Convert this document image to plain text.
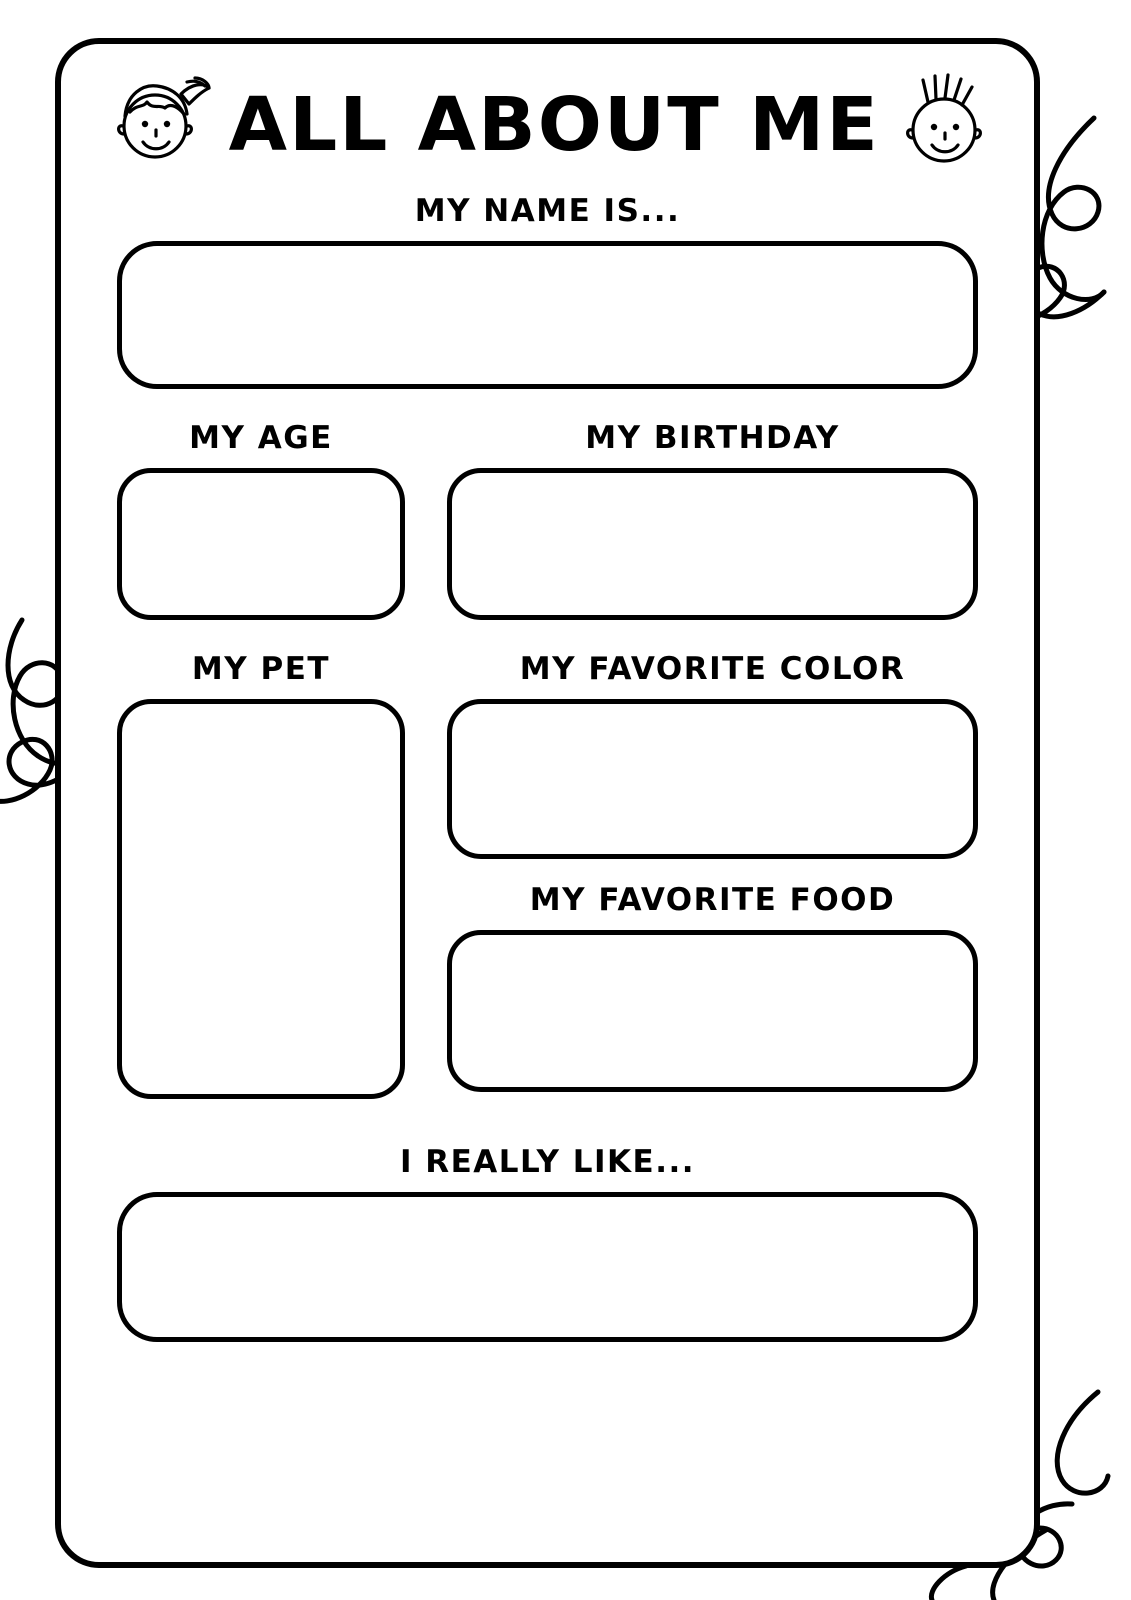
ALL ABOUT ME
MY NAME IS...
MY AGE	MY BIRTHDAY
MY PET	MY FAVORITE COLOR
MY FAVORITE FOOD
I REALLY LIKE...
